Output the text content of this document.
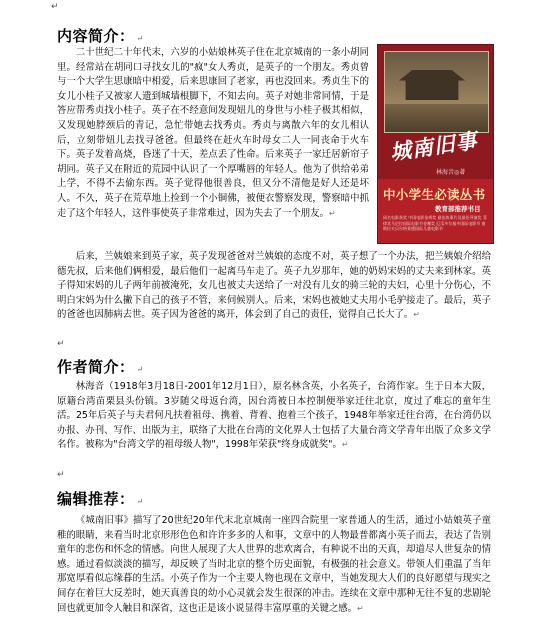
↵
内容简介： ↵
二十世纪二十年代末，六岁的小姑娘林英子住在北京城南的一条小胡同里。经常站在胡同口寻找女儿的"疯"女人秀贞，是英子的一个朋友。秀贞曾与一个大学生思康暗中相爱，后来思康回了老家，再也没回来。秀贞生下的女儿小桂子又被家人遗到城墙根脚下，不知去向。英子对她非常同情，于是答应帮秀贞找小桂子。英子在不经意间发现妞儿的身世与小桂子极其相似，又发现她脖颈后的青记，急忙带她去找秀贞。秀贞与离散六年的女儿相认后，立刻带妞儿去找寻爸爸。但最终在赶火车时母女二人一同丧命于火车下。英子发着高烧，昏迷了十天，差点丢了性命。后来英子一家迁居新帘子胡同。英子又在附近的荒园中认识了一个厚嘴唇的年轻人。他为了供给弟弟上学，不得不去偷东西。英子觉得他很善良，但又分不清他是好人还是坏人。不久，英子在荒草地上捡到一个小铜佛，被便衣警察发现，警察暗中抓走了这个年轻人，这件事使英子非常难过，因为失去了一个朋友。↵
城南旧事
林海音◎著
中小学生必读丛书
教育部推荐书目
同名电影获奖 中国电影金鸡奖 最佳故事片及最佳导演奖 菲律宾马尼拉国际电影节金鹰奖 厄瓜多尔基多国际电影节 南斯拉夫贝尔格莱德国际儿童电影节
后来，兰姨娘来到英子家，英子发现爸爸对兰姨娘的态度不对，英子想了一个办法，把兰姨娘介绍给德先叔，后来他们俩相爱，最后他们一起离马车走了。英子九岁那年，她的奶妈宋妈的丈夫来到林家。英子得知宋妈的儿子两年前被淹死，女儿也被丈夫送给了一对没有儿女的骑三轮的夫妇，心里十分伤心，不明白宋妈为什么撇下自己的孩子不管，来伺候别人。后来，宋妈也被她丈夫用小毛驴接走了。最后，英子的爸爸也因肺病去世。英子因为爸爸的离开，体会到了自己的责任，觉得自己长大了。↵
↵
作者简介： ↵
林海音（1918年3月18日-2001年12月1日），原名林含英，小名英子，台湾作家。生于日本大阪，原籍台湾苗栗县头份镇。3岁随父母返台湾，因台湾被日本控制便举家迁往北京，度过了难忘的童年生活。25年后英子与夫君何凡扶着祖母、携着、背着、抱着三个孩子，1948年举家迁往台湾，在台湾仍以办报、办刊、写作、出版为主，联络了大批在台湾的文化界人士包括了大量台湾文学青年出版了众多文学名作。被称为"台湾文学的祖母级人物"，1998年荣获"终身成就奖"。↵
↵
编辑推荐： ↵
《城南旧事》描写了20世纪20年代末北京城南一座四合院里一家普通人的生活，通过小姑娘英子童稚的眼睛，来看当时北京形形色色和许许多多的人和事，文章中的人物最普都离小英子而去，表达了告别童年的悲伤和怀念的情感。向世人展现了大人世界的悲欢离合，有种说不出的天真，却道尽人世复杂的情感。通过看似淡淡的描写，却反映了当时北京的整个历史面貌，有极强的社会意义。带领人们重温了当年那宽厚看似忘缘暮的生活。小英子作为一个主要人物也现在文章中，当她发现大人们的良好愿望与现实之间存在着巨大反差时，她天真善良的幼小心灵就会发生很深的冲击。连续在文章中那种无往不复的悲剧轮回也就更加令人触目和深省，这也正是该小说显得丰富厚重的关键之感。↵
